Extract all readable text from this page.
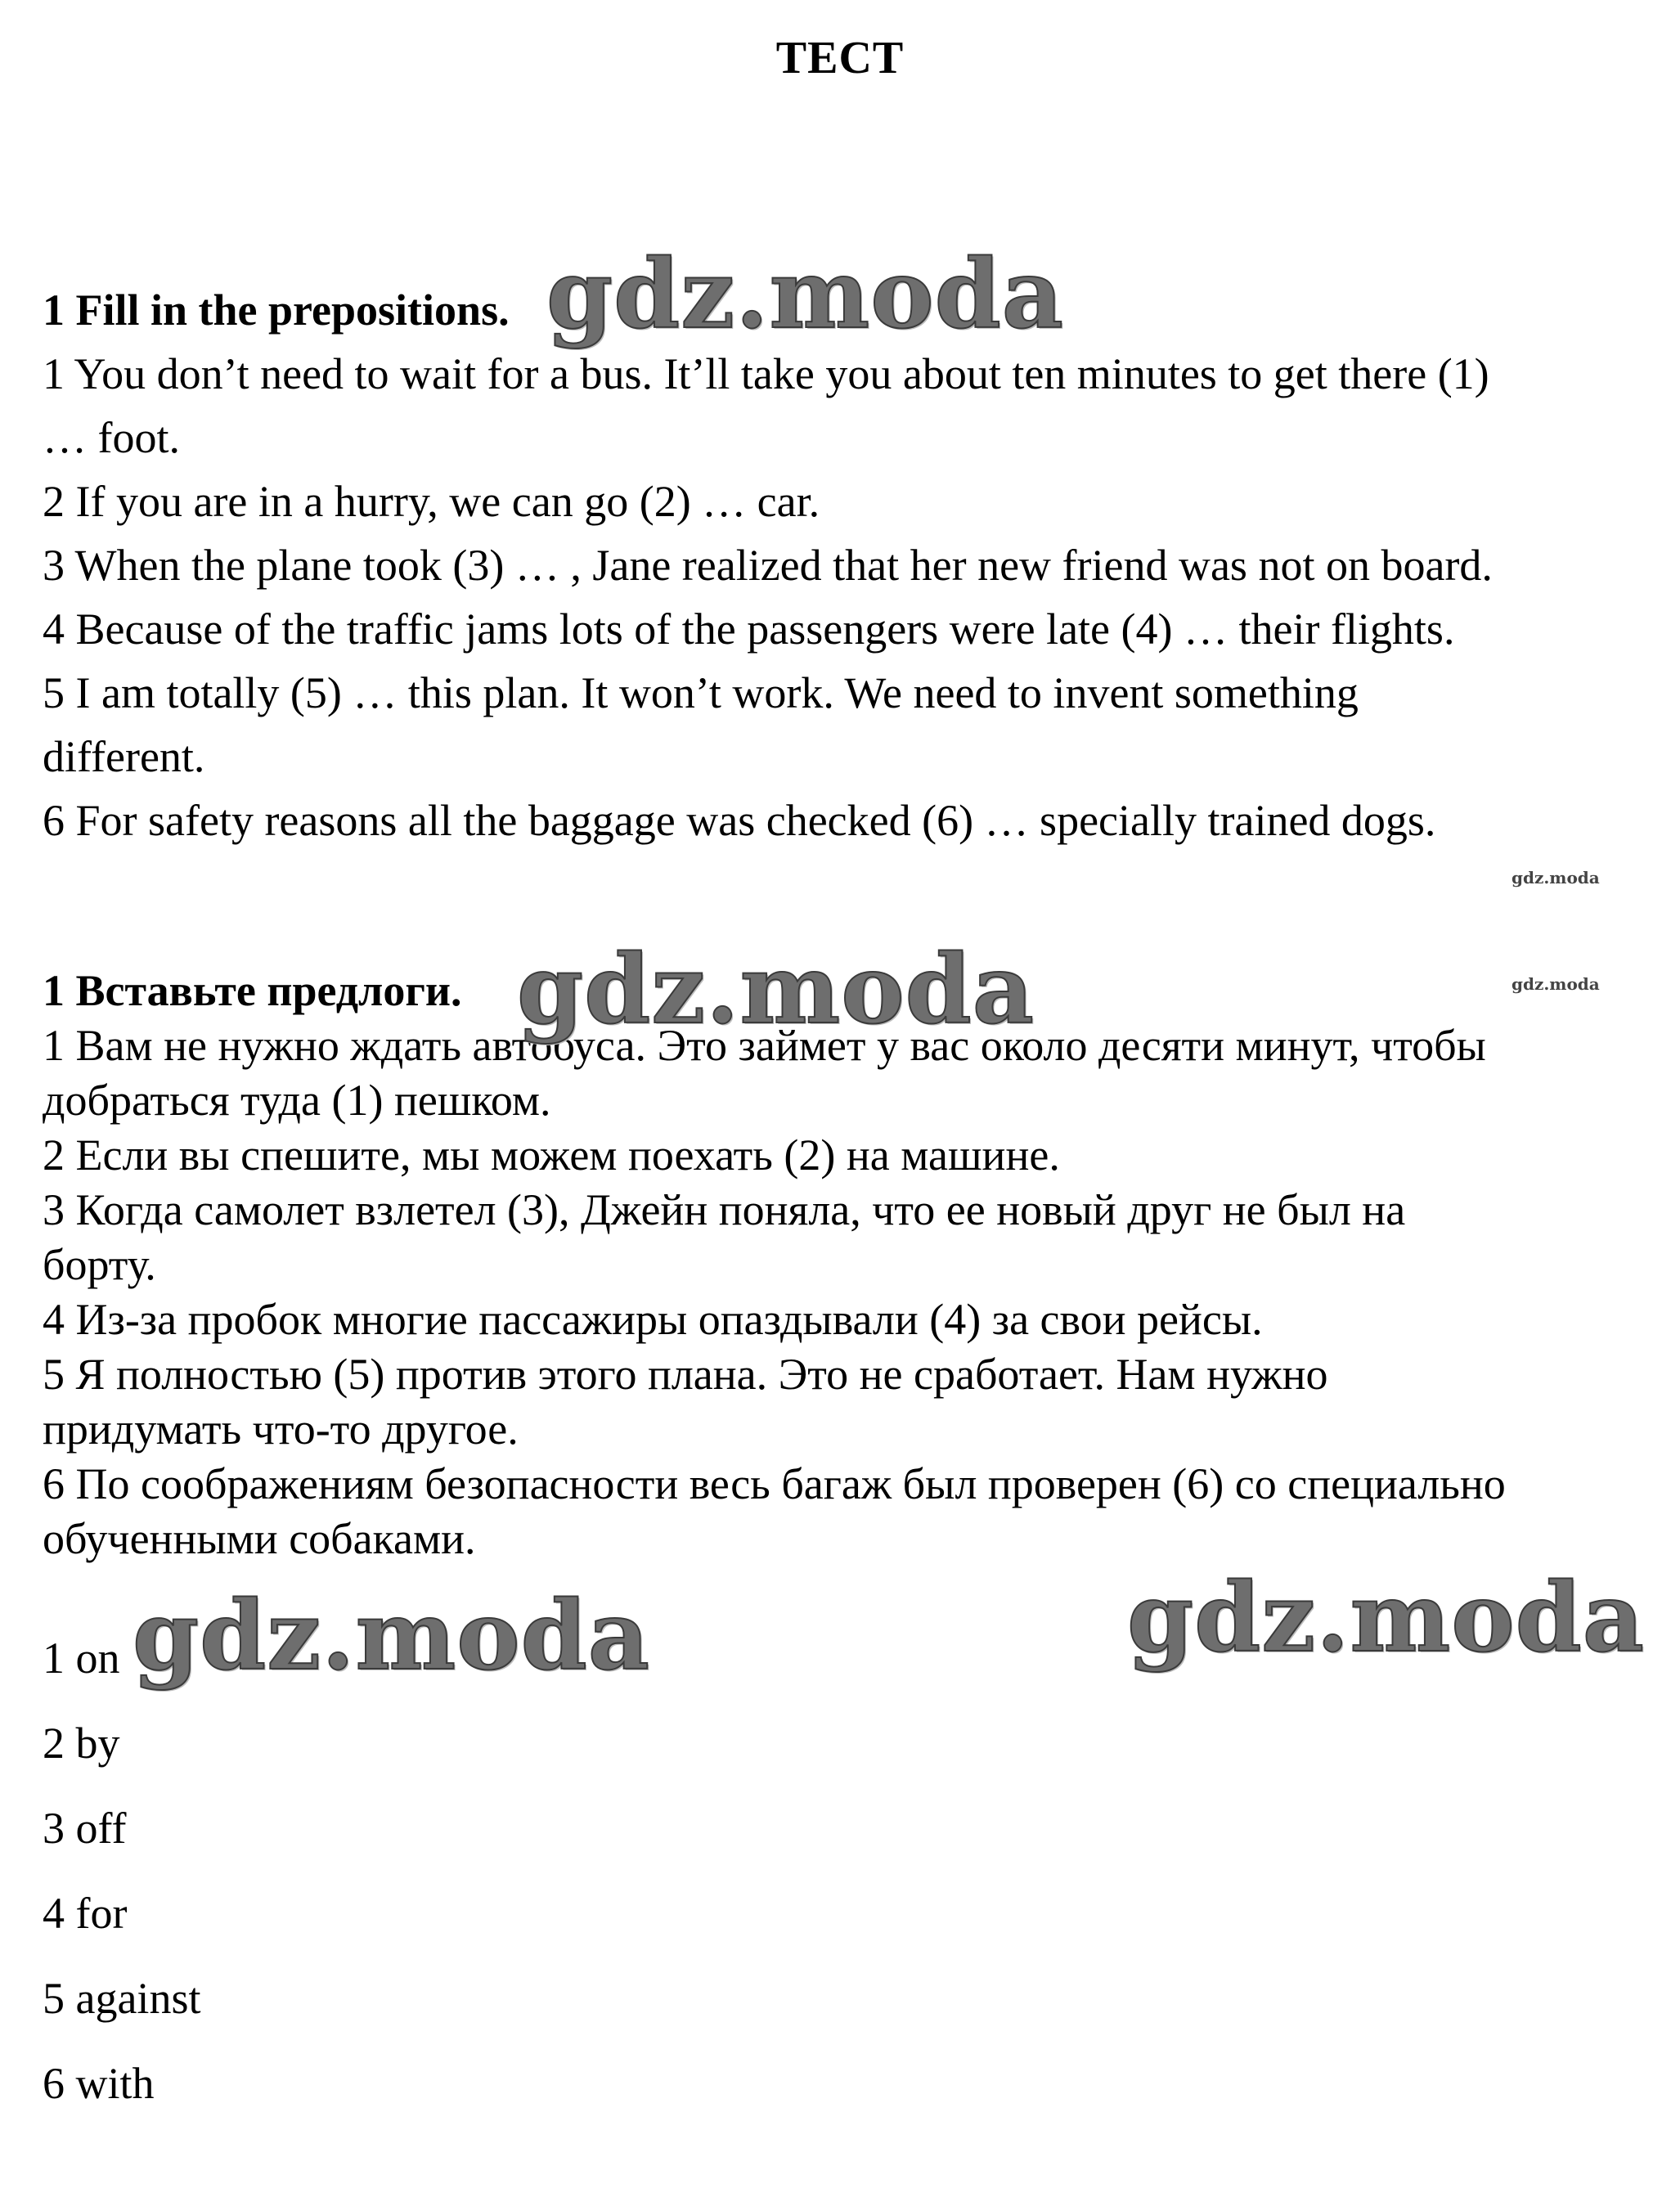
ТЕСТ

1 Fill in the prepositions.

1 You don’t need to wait for a bus. It’ll take you about ten minutes to get there (1)

… foot.

2 If you are in a hurry, we can go (2) … car.

3 When the plane took (3) … , Jane realized that her new friend was not on board.

4 Because of the traffic jams lots of the passengers were late (4) … their flights.

5 I am totally (5) … this plan. It won’t work. We need to invent something

different.

6 For safety reasons all the baggage was checked (6) … specially trained dogs.

1 Вставьте предлоги.

1 Вам не нужно ждать автобуса. Это займет у вас около десяти минут, чтобы

добраться туда (1) пешком.

2 Если вы спешите, мы можем поехать (2) на машине.

3 Когда самолет взлетел (3), Джейн поняла, что ее новый друг не был на

борту.

4 Из-за пробок многие пассажиры опаздывали (4) за свои рейсы.

5 Я полностью (5) против этого плана. Это не сработает. Нам нужно

придумать что-то другое.

6 По соображениям безопасности весь багаж был проверен (6) со специально

обученными собаками.

1 on

2 by

3 off

4 for

5 against

6 with

gdz.moda
gdz.moda
gdz.moda	gdz.moda
gdz.moda
gdz.moda
